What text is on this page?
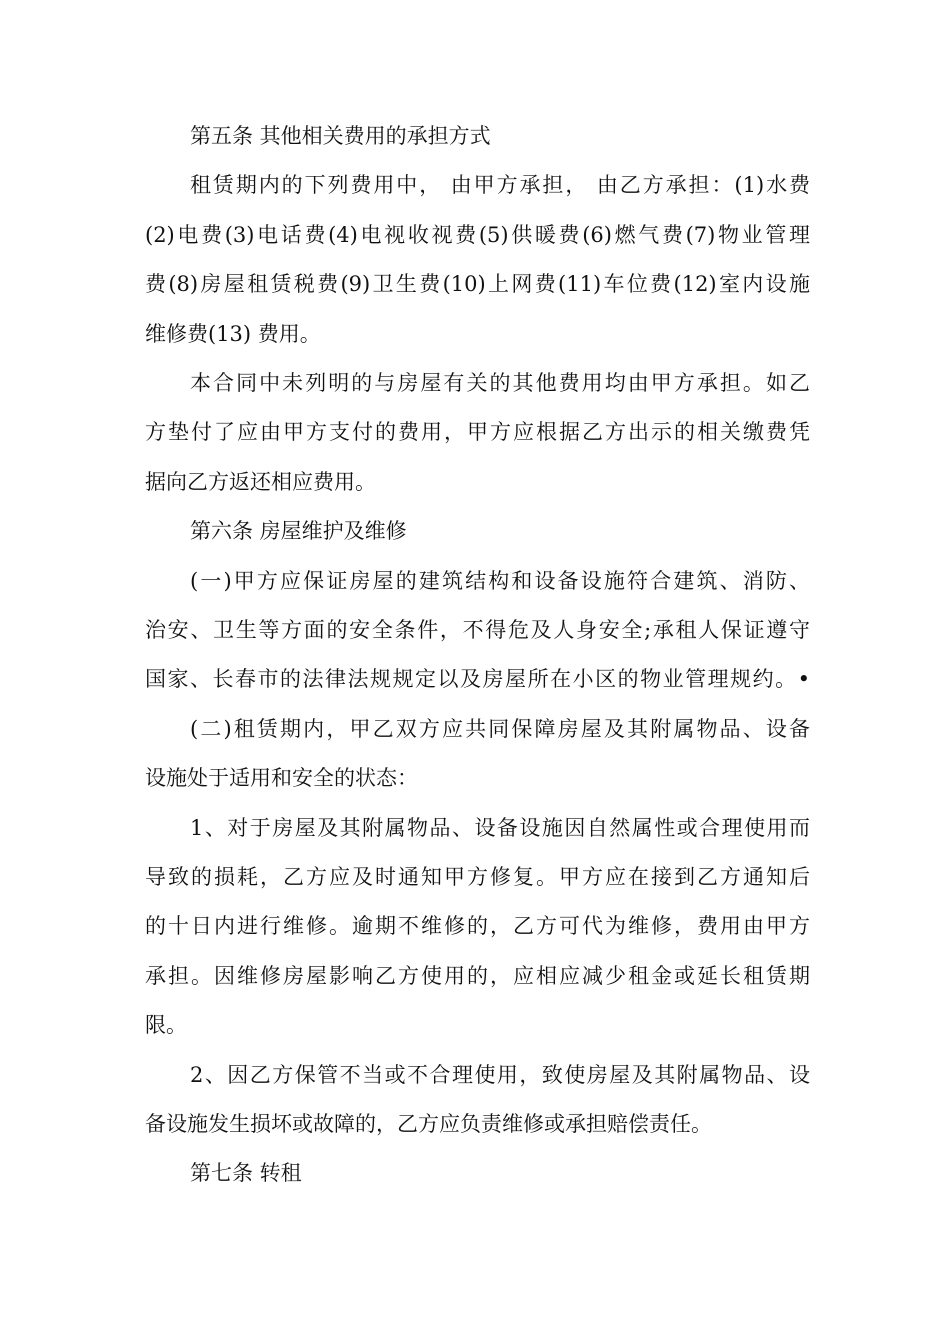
第五条 其他相关费用的承担方式
租赁期内的下列费用中， 由甲方承担， 由乙方承担：(1)水费
(2)电费(3)电话费(4)电视收视费(5)供暖费(6)燃气费(7)物业管理
费(8)房屋租赁税费(9)卫生费(10)上网费(11)车位费(12)室内设施
维修费(13) 费用。
本合同中未列明的与房屋有关的其他费用均由甲方承担。如乙
方垫付了应由甲方支付的费用，甲方应根据乙方出示的相关缴费凭
据向乙方返还相应费用。
第六条 房屋维护及维修
(一)甲方应保证房屋的建筑结构和设备设施符合建筑、消防、
治安、卫生等方面的安全条件，不得危及人身安全;承租人保证遵守
国家、长春市的法律法规规定以及房屋所在小区的物业管理规约。•
(二)租赁期内，甲乙双方应共同保障房屋及其附属物品、设备
设施处于适用和安全的状态：
1、对于房屋及其附属物品、设备设施因自然属性或合理使用而
导致的损耗，乙方应及时通知甲方修复。甲方应在接到乙方通知后
的十日内进行维修。逾期不维修的，乙方可代为维修，费用由甲方
承担。因维修房屋影响乙方使用的，应相应减少租金或延长租赁期
限。
2、因乙方保管不当或不合理使用，致使房屋及其附属物品、设
备设施发生损坏或故障的，乙方应负责维修或承担赔偿责任。
第七条 转租
